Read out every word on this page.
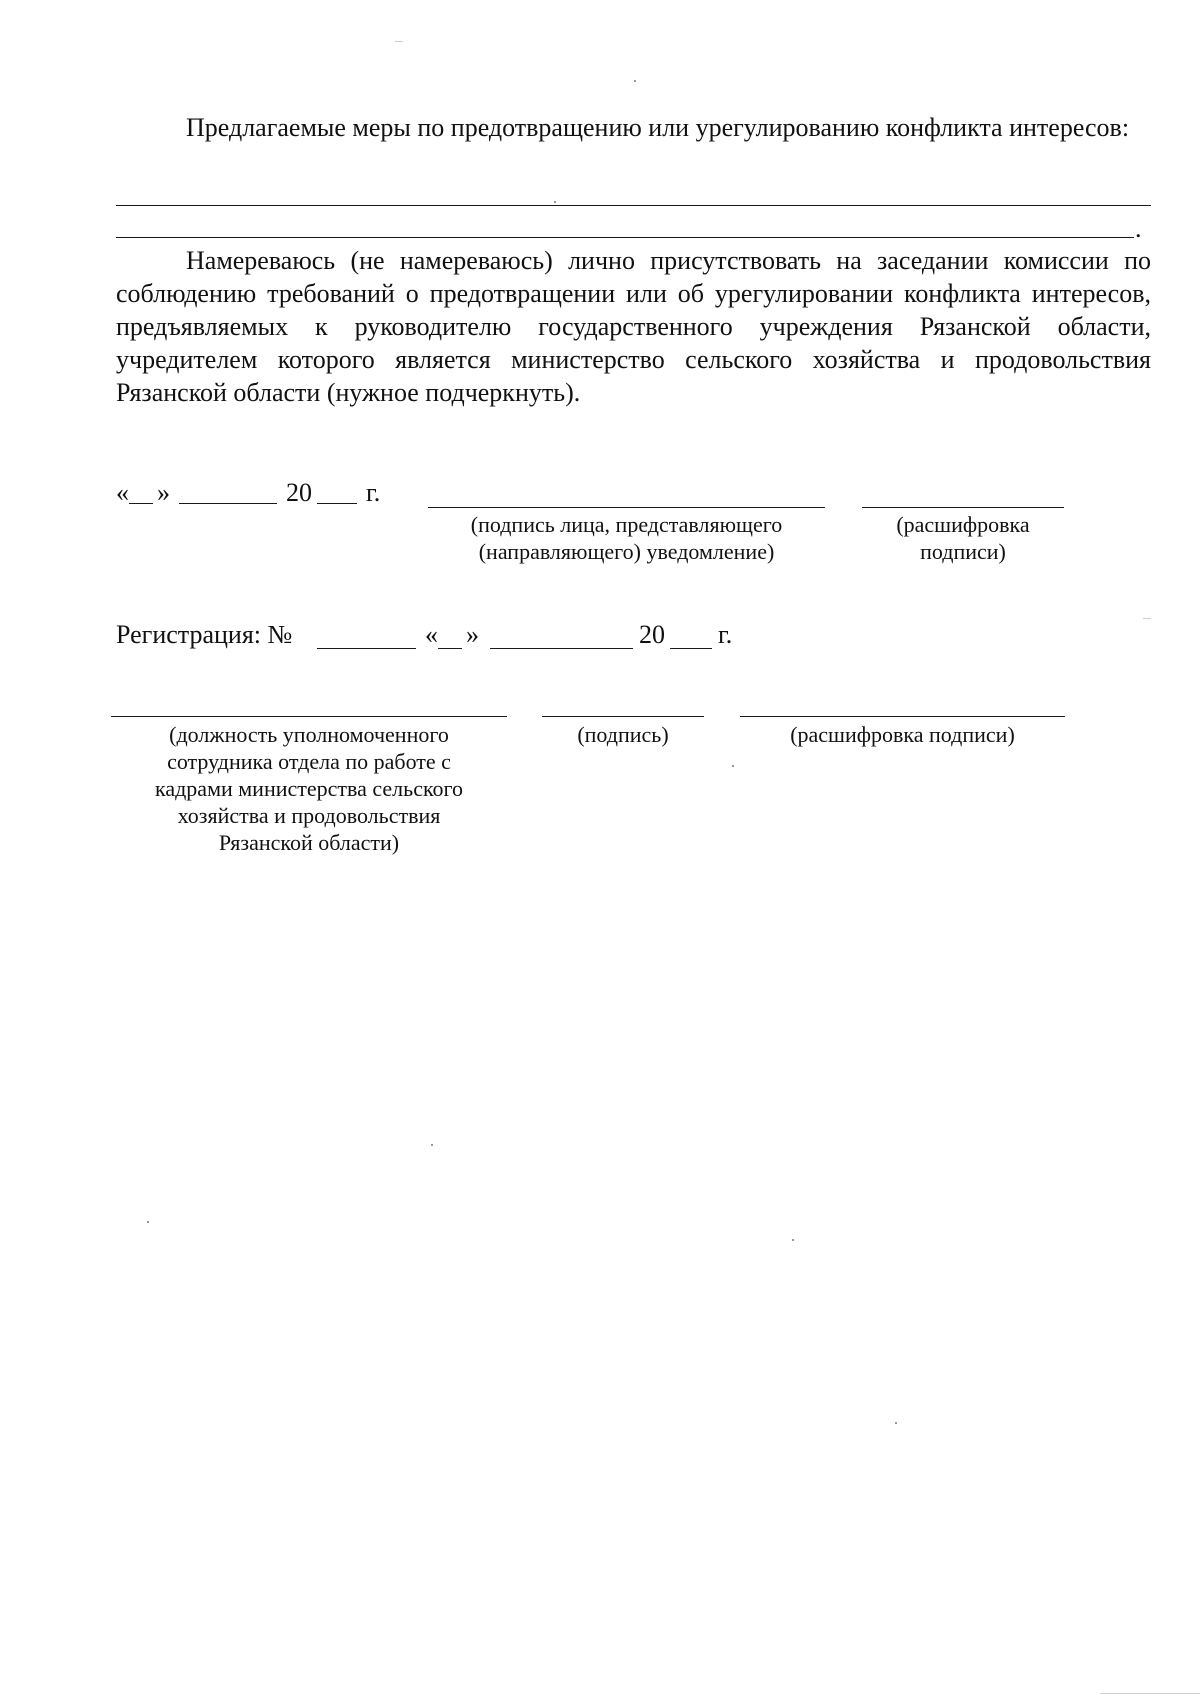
Предлагаемые меры по предотвращению или урегулированию конфликта интересов:
.
Намереваюсь (не намереваюсь) лично присутствовать на заседании комиссии по соблюдению требований о предотвращении или об урегулировании конфликта интересов, предъявляемых к руководителю государственного учреждения Рязанской области, учредителем которого является министерство сельского хозяйства и продовольствия Рязанской области (нужное подчеркнуть).
« »	20 г.
(подпись лица, представляющего
(направляющего) уведомление)
(расшифровка
подписи)
Регистрация: №	« »	20 г.
(должность уполномоченного
сотрудника отдела по работе с
кадрами министерства сельского
хозяйства и продовольствия
Рязанской области)
(подпись)	(расшифровка подписи)
